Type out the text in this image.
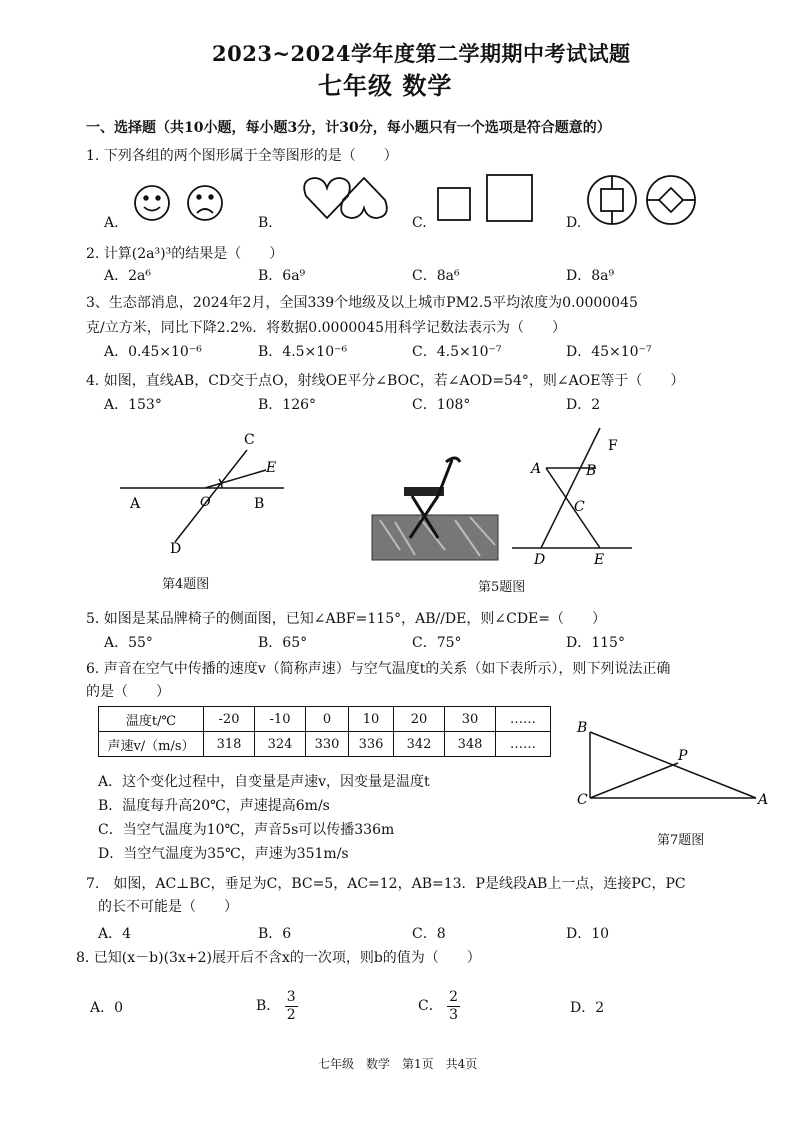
2023~2024学年度第二学期期中考试试题
七年级 数学
一、选择题（共10小题，每小题3分，计30分，每小题只有一个选项是符合题意的）
1. 下列各组的两个图形属于全等图形的是（　　）
A.	B.	C.	D.
2. 计算(2a³)³的结果是（　　）
A．2a⁶	B．6a⁹	C．8a⁶	D．8a⁹
3、生态部消息，2024年2月，全国339个地级及以上城市PM2.5平均浓度为0.0000045
克/立方米，同比下降2.2%．将数据0.0000045用科学记数法表示为（　　）
A．0.45×10⁻⁶	B．4.5×10⁻⁶	C．4.5×10⁻⁷	D．45×10⁻⁷
4. 如图，直线AB，CD交于点O，射线OE平分∠BOC，若∠AOD=54°，则∠AOE等于（　　）
A．153°	B．126°	C．108°	D．2
A	B
C
D
E
O
A	B
C
D	E
F
第4题图	第5题图
5. 如图是某品牌椅子的侧面图，已知∠ABF=115°，AB//DE，则∠CDE=（　　）
A．55°	B．65°	C．75°	D．115°
6. 声音在空气中传播的速度v（简称声速）与空气温度t的关系（如下表所示），则下列说法正确
的是（　　）
温度t/℃	-20	-10	0	10	20	30	……
声速v/（m/s）	318	324	330	336	342	348	……
A．这个变化过程中，自变量是声速v，因变量是温度t
B．温度每升高20℃，声速提高6m/s
C．当空气温度为10℃，声音5s可以传播336m
D．当空气温度为35℃，声速为351m/s
B
P
C	A
第7题图
7.　如图，AC⊥BC，垂足为C，BC=5，AC=12，AB=13．P是线段AB上一点，连接PC，PC
的长不可能是（　　）
A．4	B．6	C．8	D．10
8. 已知(x－b)(3x+2)展开后不含x的一次项，则b的值为（　　）
A．0	B． $\frac{3}{2}$	C． $\frac{2}{3}$	D．2
七年级　数学　第1页　共4页
